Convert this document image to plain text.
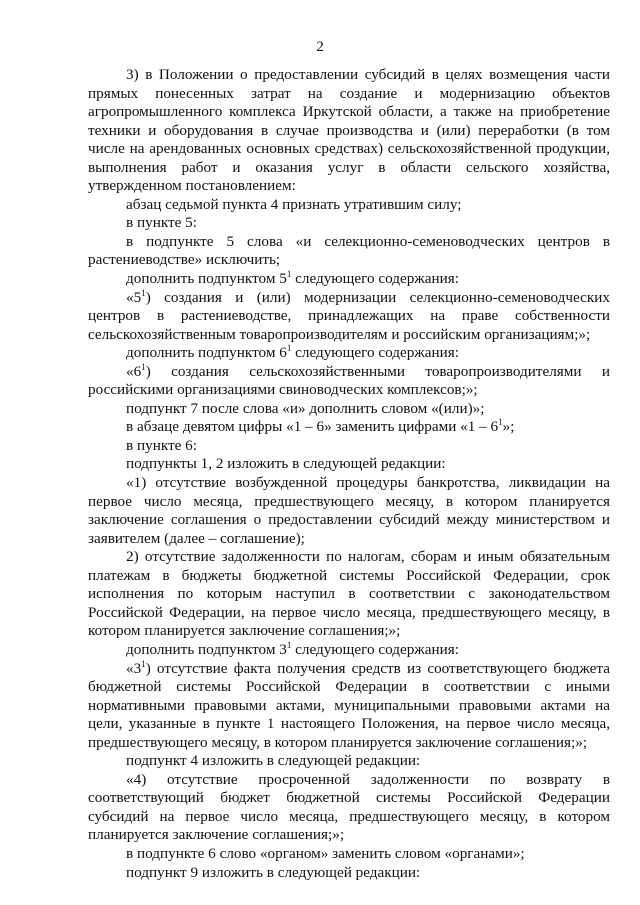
2

3) в Положении о предоставлении субсидий в целях возмещения части прямых понесенных затрат на создание и модернизацию объектов агропромышленного комплекса Иркутской области, а также на приобретение техники и оборудования в случае производства и (или) переработки (в том числе на арендованных основных средствах) сельскохозяйственной продукции, выполнения работ и оказания услуг в области сельского хозяйства, утвержденном постановлением:

абзац седьмой пункта 4 признать утратившим силу;

в пункте 5:

в подпункте 5 слова «и селекционно-семеноводческих центров в растениеводстве» исключить;

дополнить подпунктом $5^1$ следующего содержания:

«$5^1$) создания и (или) модернизации селекционно-семеноводческих центров в растениеводстве, принадлежащих на праве собственности сельскохозяйственным товаропроизводителям и российским организациям;»;

дополнить подпунктом $6^1$ следующего содержания:

«$6^1$) создания сельскохозяйственными товаропроизводителями и российскими организациями свиноводческих комплексов;»;

подпункт 7 после слова «и» дополнить словом «(или)»;

в абзаце девятом цифры «1 – 6» заменить цифрами «$1 - 6^1$»;

в пункте 6:

подпункты 1, 2 изложить в следующей редакции:

«1) отсутствие возбужденной процедуры банкротства, ликвидации на первое число месяца, предшествующего месяцу, в котором планируется заключение соглашения о предоставлении субсидий между министерством и заявителем (далее – соглашение);

2) отсутствие задолженности по налогам, сборам и иным обязательным платежам в бюджеты бюджетной системы Российской Федерации, срок исполнения по которым наступил в соответствии с законодательством Российской Федерации, на первое число месяца, предшествующего месяцу, в котором планируется заключение соглашения;»;

дополнить подпунктом $3^1$ следующего содержания:

«$3^1$) отсутствие факта получения средств из соответствующего бюджета бюджетной системы Российской Федерации в соответствии с иными нормативными правовыми актами, муниципальными правовыми актами на цели, указанные в пункте 1 настоящего Положения, на первое число месяца, предшествующего месяцу, в котором планируется заключение соглашения;»;

подпункт 4 изложить в следующей редакции:

«4) отсутствие просроченной задолженности по возврату в соответствующий бюджет бюджетной системы Российской Федерации субсидий на первое число месяца, предшествующего месяцу, в котором планируется заключение соглашения;»;

в подпункте 6 слово «органом» заменить словом «органами»;

подпункт 9 изложить в следующей редакции:
